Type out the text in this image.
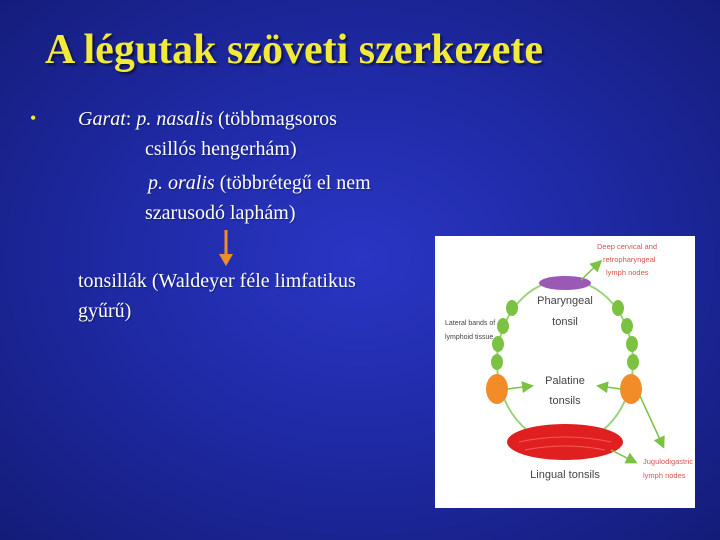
A légutak szöveti szerkezete
• Garat: p. nasalis (többmagsoros
csillós hengerhám)
p. oralis (többrétegű el nem
szarusodó laphám)
tonsillák (Waldeyer féle limfatikus
gyűrű)
Deep cervical and
retropharyngeal
lymph nodes
Jugulodigastric
lymph nodes
Lateral bands of
lymphoid tissue
Pharyngeal
tonsil
Palatine
tonsils
Lingual tonsils
